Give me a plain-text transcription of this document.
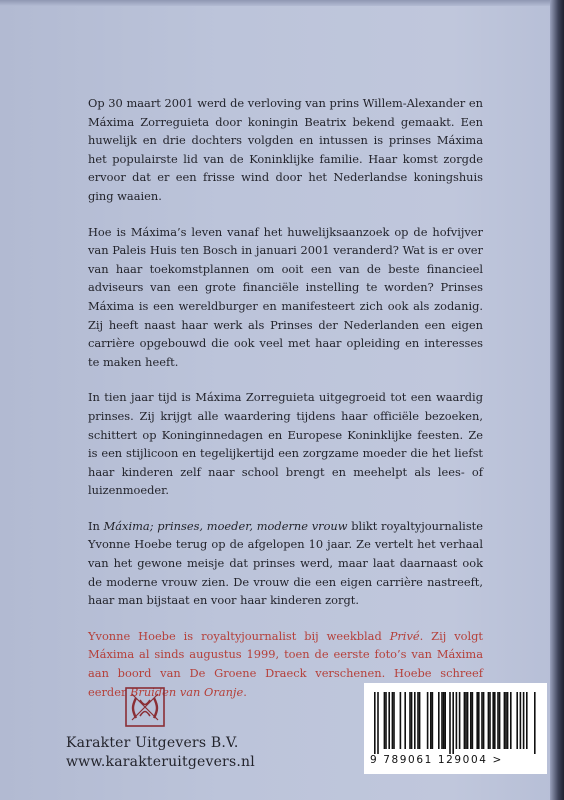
Op 30 maart 2001 werd de verloving van prins Willem-Alexander en Máxima Zorreguieta door koningin Beatrix bekend gemaakt. Een huwelijk en drie dochters volgden en intussen is prinses Máxima het populairste lid van de Koninklijke familie. Haar komst zorgde ervoor dat er een frisse wind door het Nederlandse koningshuis ging waaien.

Hoe is Máxima’s leven vanaf het huwelijksaanzoek op de hofvijver van Paleis Huis ten Bosch in januari 2001 veranderd? Wat is er over van haar toekomstplannen om ooit een van de beste financieel adviseurs van een grote financiële instelling te worden? Prinses Máxima is een wereldburger en manifesteert zich ook als zodanig. Zij heeft naast haar werk als Prinses der Nederlanden een eigen carrière opgebouwd die ook veel met haar opleiding en interesses te maken heeft.

In tien jaar tijd is Máxima Zorreguieta uitgegroeid tot een waardig prinses. Zij krijgt alle waardering tijdens haar officiële bezoeken, schittert op Koninginnedagen en Europese Koninklijke feesten. Ze is een stijlicoon en tegelijkertijd een zorgzame moeder die het liefst haar kinderen zelf naar school brengt en meehelpt als lees- of luizenmoeder.

In Máxima; prinses, moeder, moderne vrouw blikt royaltyjournaliste Yvonne Hoebe terug op de afgelopen 10 jaar. Ze vertelt het verhaal van het gewone meisje dat prinses werd, maar laat daarnaast ook de moderne vrouw zien. De vrouw die een eigen carrière nastreeft, haar man bijstaat en voor haar kinderen zorgt.

Yvonne Hoebe is royaltyjournalist bij weekblad Privé. Zij volgt Máxima al sinds augustus 1999, toen de eerste foto’s van Máxima aan boord van De Groene Draeck verschenen. Hoebe schreef eerder Bruiden van Oranje.

Karakter Uitgevers B.V.
www.karakteruitgevers.nl	9 789061 129004 >
